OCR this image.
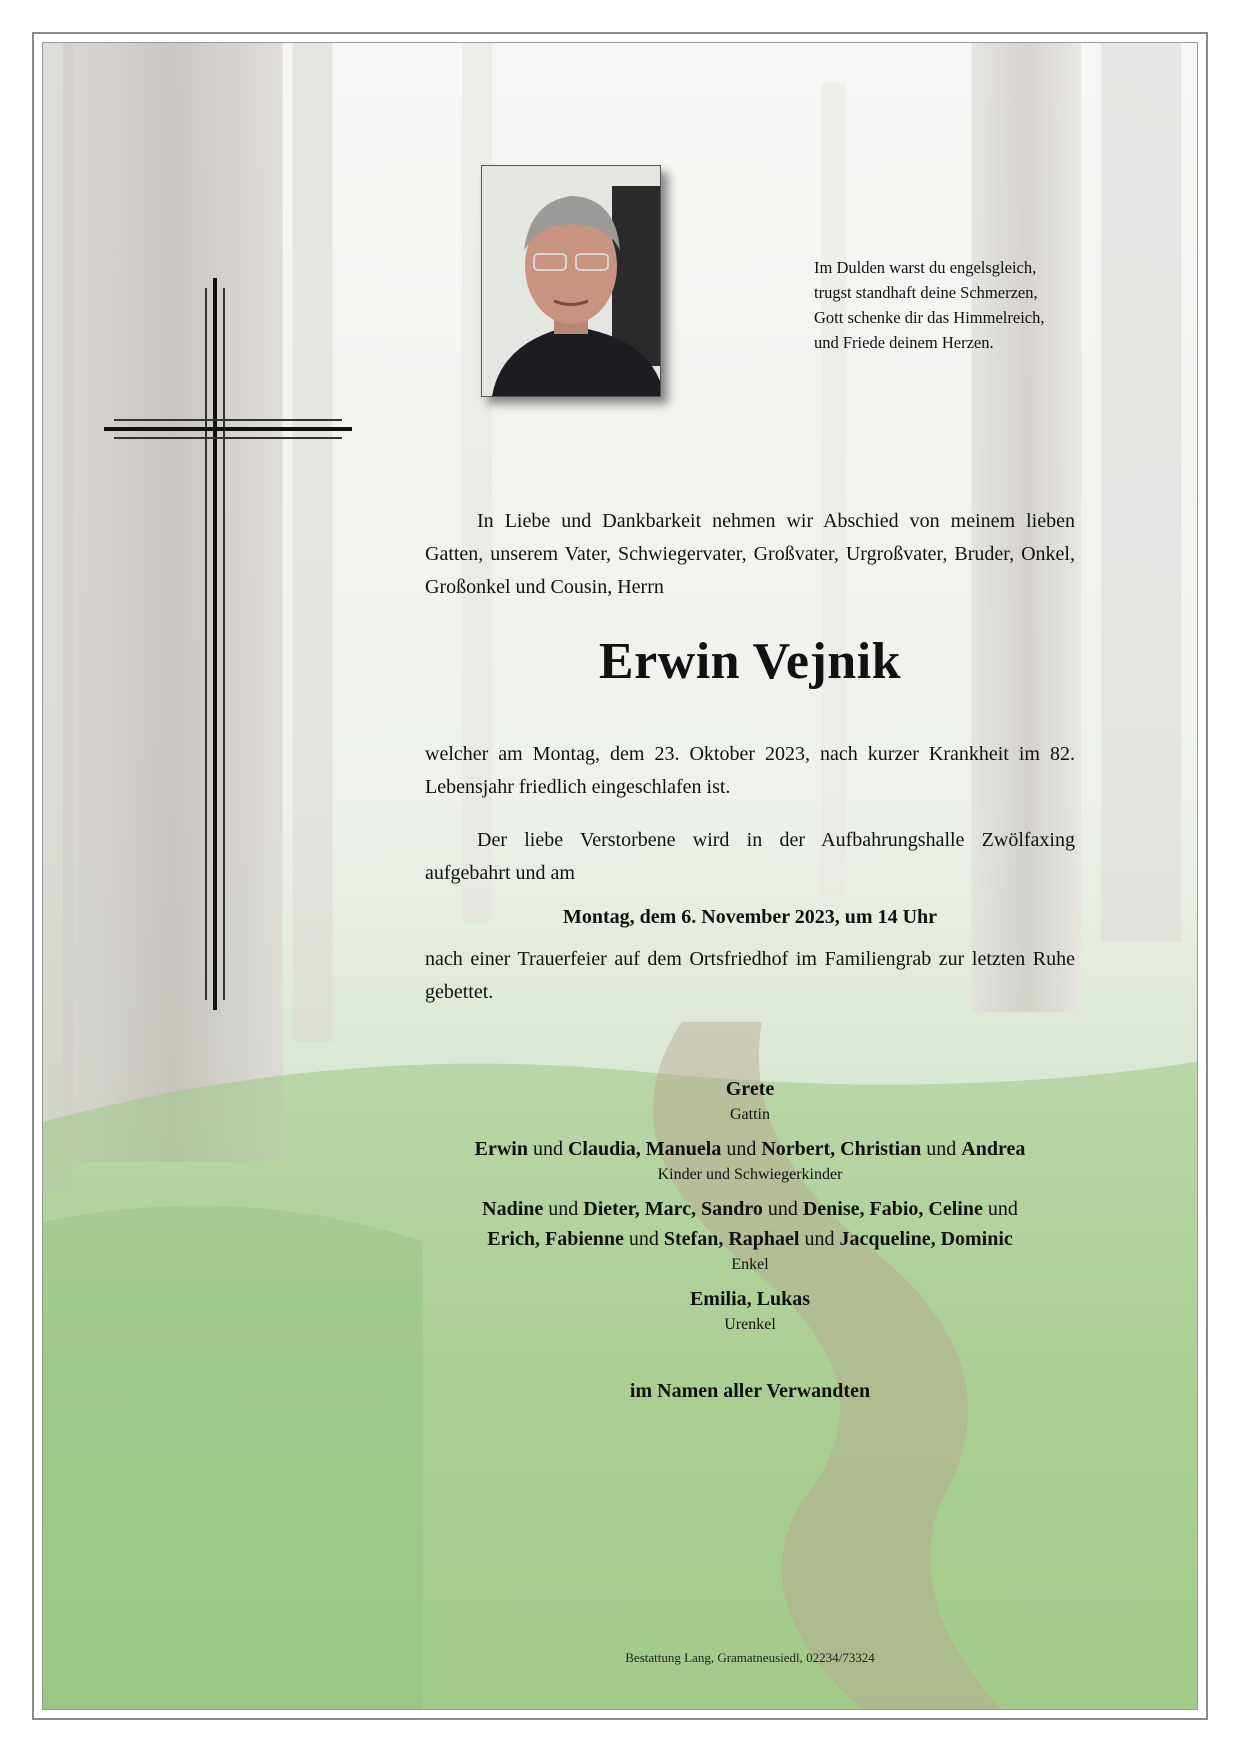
Im Dulden warst du engelsgleich,
trugst standhaft deine Schmerzen,
Gott schenke dir das Himmelreich,
und Friede deinem Herzen.

In Liebe und Dankbarkeit nehmen wir Abschied von meinem lieben Gatten, unserem Vater, Schwiegervater, Großvater, Urgroßvater, Bruder, Onkel, Großonkel und Cousin, Herrn

Erwin Vejnik

welcher am Montag, dem 23. Oktober 2023, nach kurzer Krankheit im 82. Lebensjahr friedlich eingeschlafen ist.

Der liebe Verstorbene wird in der Aufbahrungshalle Zwölfaxing aufgebahrt und am

Montag, dem 6. November 2023, um 14 Uhr

nach einer Trauerfeier auf dem Ortsfriedhof im Familiengrab zur letzten Ruhe gebettet.

Grete
Gattin
Erwin und Claudia, Manuela und Norbert, Christian und Andrea
Kinder und Schwiegerkinder
Nadine und Dieter, Marc, Sandro und Denise, Fabio, Celine und
Erich, Fabienne und Stefan, Raphael und Jacqueline, Dominic
Enkel
Emilia, Lukas
Urenkel
im Namen aller Verwandten
Bestattung Lang, Gramatneusiedl, 02234/73324
